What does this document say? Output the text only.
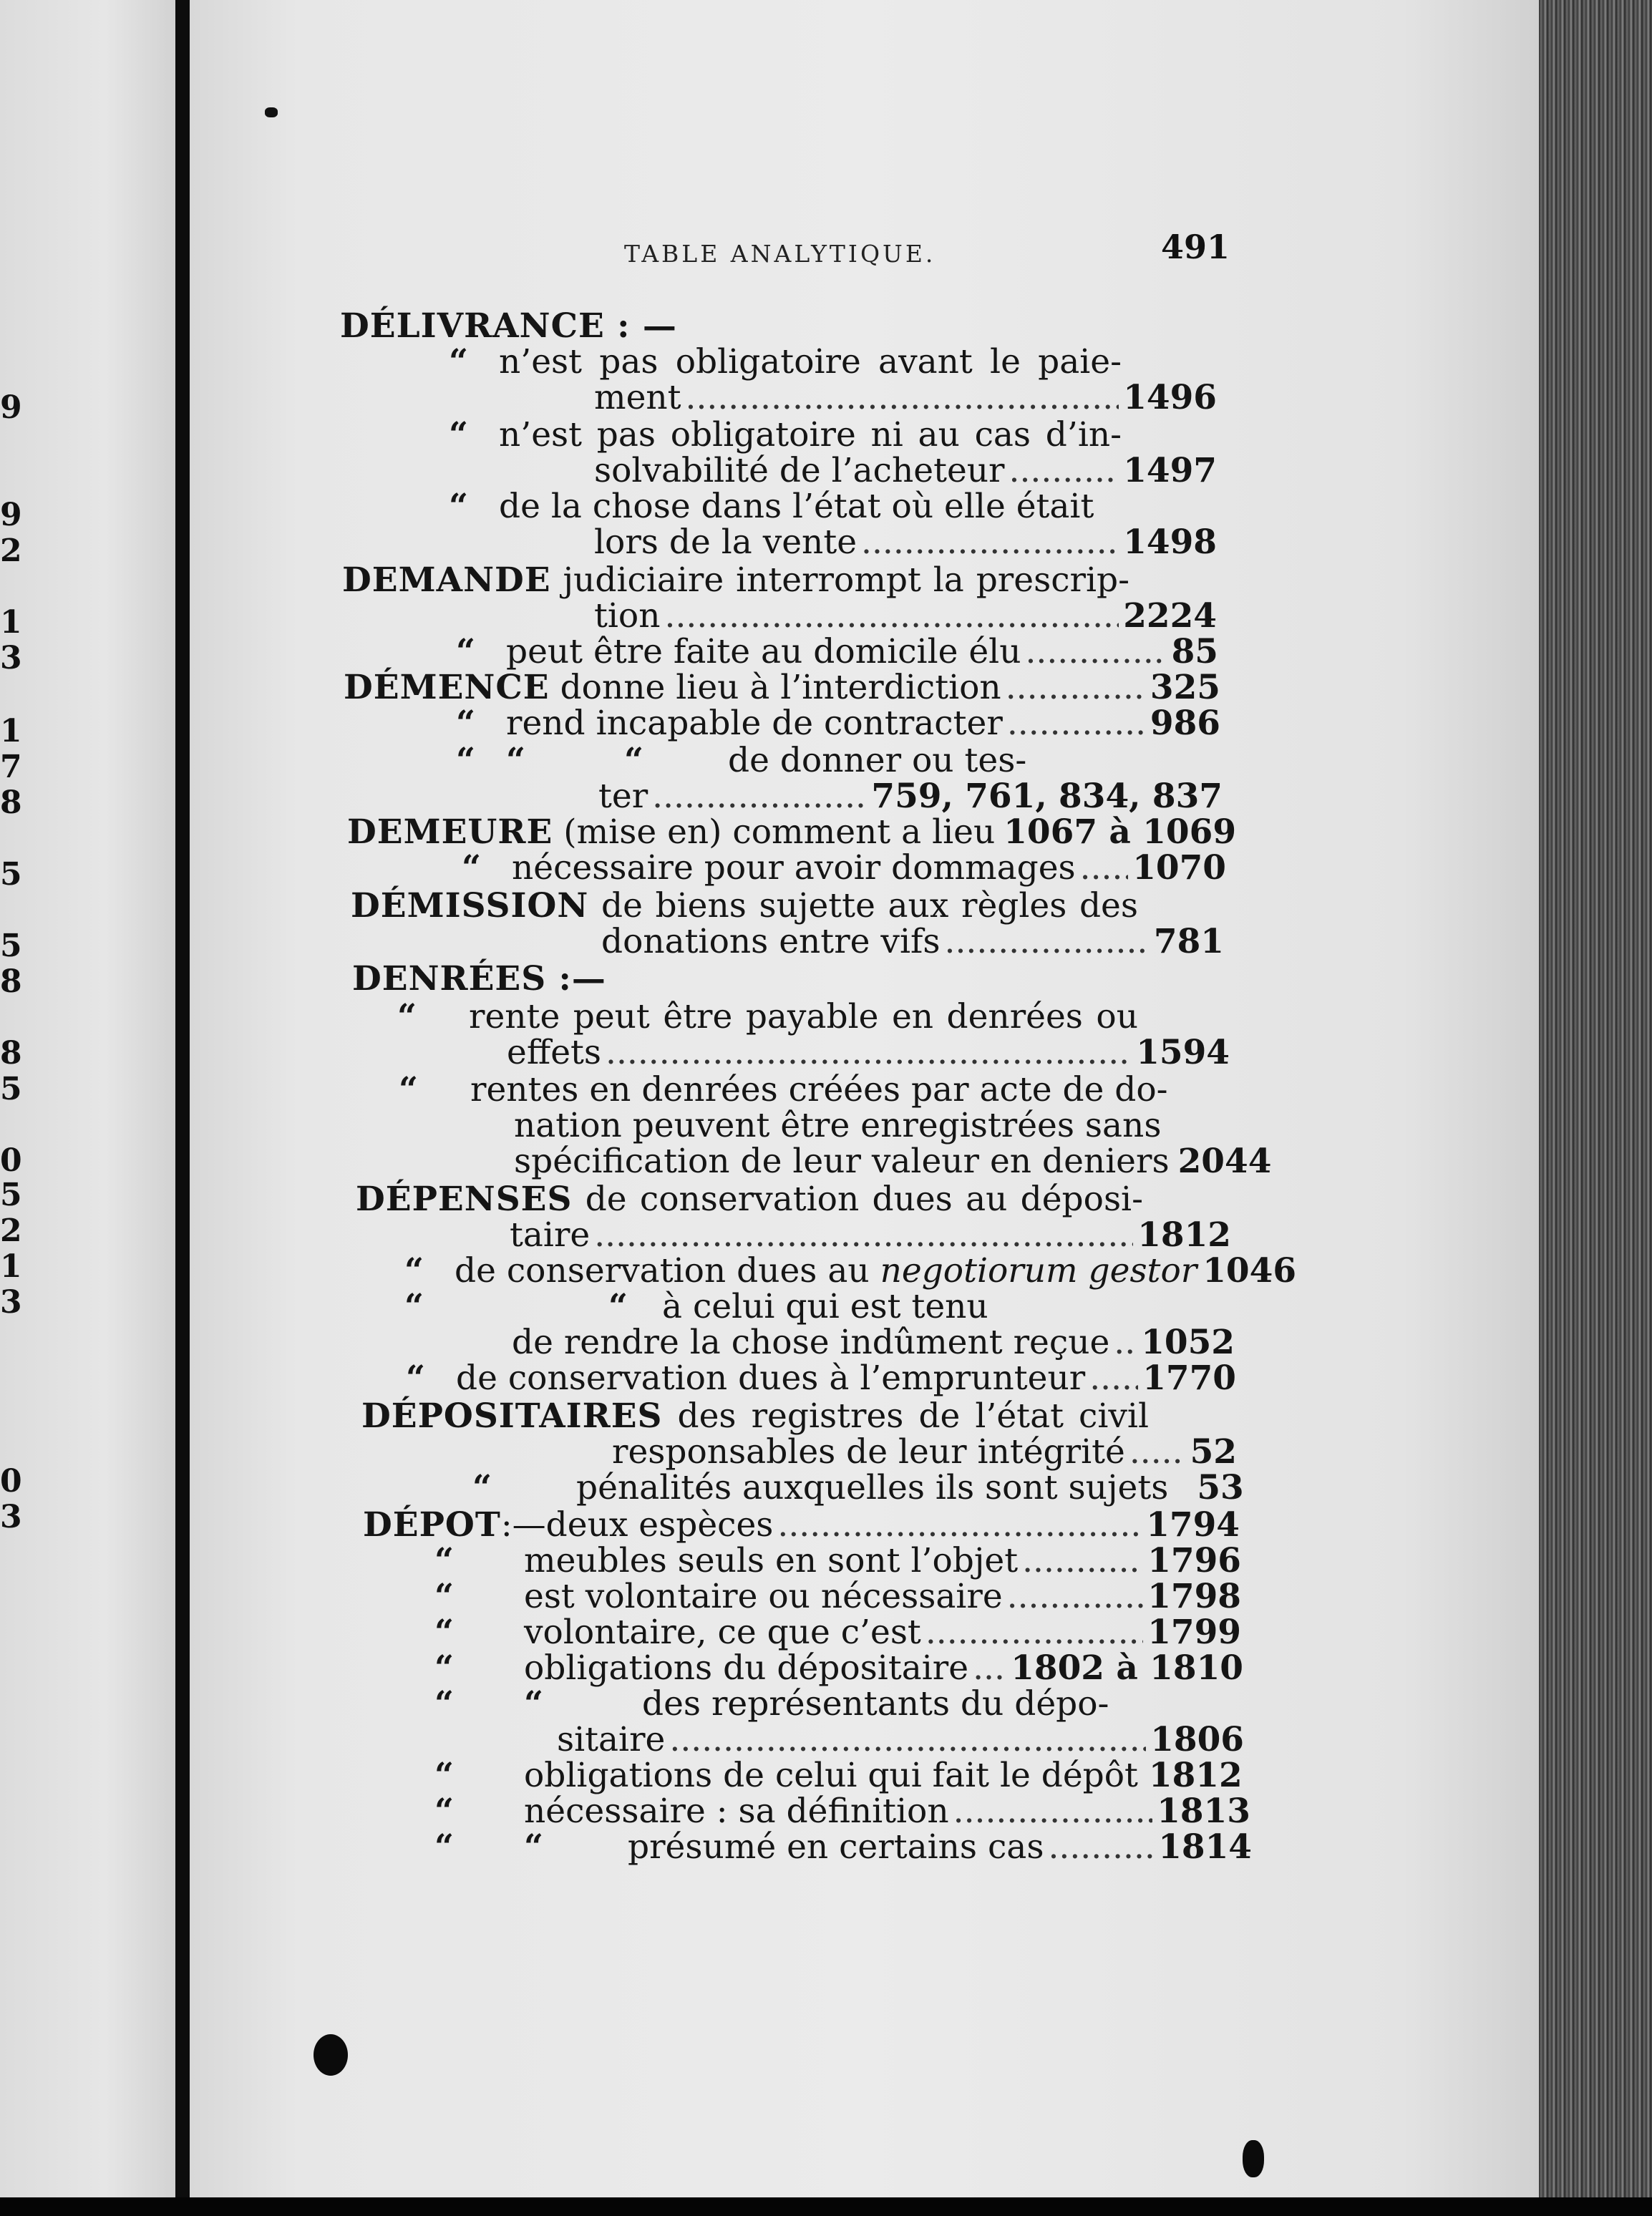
9
9
2
1
3
1
7
8
5
5
8
8
5
0
5
2
1
3
0
3
TABLE ANALYTIQUE.	491
DÉLIVRANCE : —
“ n’est pas obligatoire avant le paie-
ment .....	1496
“ n’est pas obligatoire ni au cas d’in-
solvabilité de l’acheteur .....	1497
“ de la chose dans l’état où elle était
lors de la vente .....	1498
DEMANDE judiciaire interrompt la prescrip-
tion .....	2224
“ peut être faite au domicile élu .....	85
DÉMENCE donne lieu à l’interdiction .....	325
“ rend incapable de contracter .....	986
“ “	“	de donner ou tes-
ter .....	759, 761, 834, 837
DEMEURE (mise en) comment a lieu 1067 à 1069
“ nécessaire pour avoir dommages ..... 1070
DÉMISSION de biens sujette aux règles des
donations entre vifs .....	781
DENRÉES :—
“ rente peut être payable en denrées ou
effets .....	1594
“ rentes en denrées créées par acte de do-
nation peuvent être enregistrées sans
spécification de leur valeur en deniers 2044
DÉPENSES de conservation dues au déposi-
taire .....	1812
“ de conservation dues au negotiorum gestor 1046
“	“ à celui qui est tenu
de rendre la chose indûment reçue ..... 1052
“ de conservation dues à l’emprunteur ..... 1770
DÉPOSITAIRES des registres de l’état civil
responsables de leur intégrité ..... 52
“	pénalités auxquelles ils sont sujets 53
DÉPOT:—deux espèces .....	1794
“ meubles seuls en sont l’objet .....	1796
“ est volontaire ou nécessaire .....	1798
“ volontaire, ce que c’est .....	1799
“ obligations du dépositaire ..... 1802 à 1810
“ “	des représentants du dépo-
sitaire .....	1806
“ obligations de celui qui fait le dépôt 1812
“ nécessaire : sa définition .....	1813
“ “	présumé en certains cas .....	1814
